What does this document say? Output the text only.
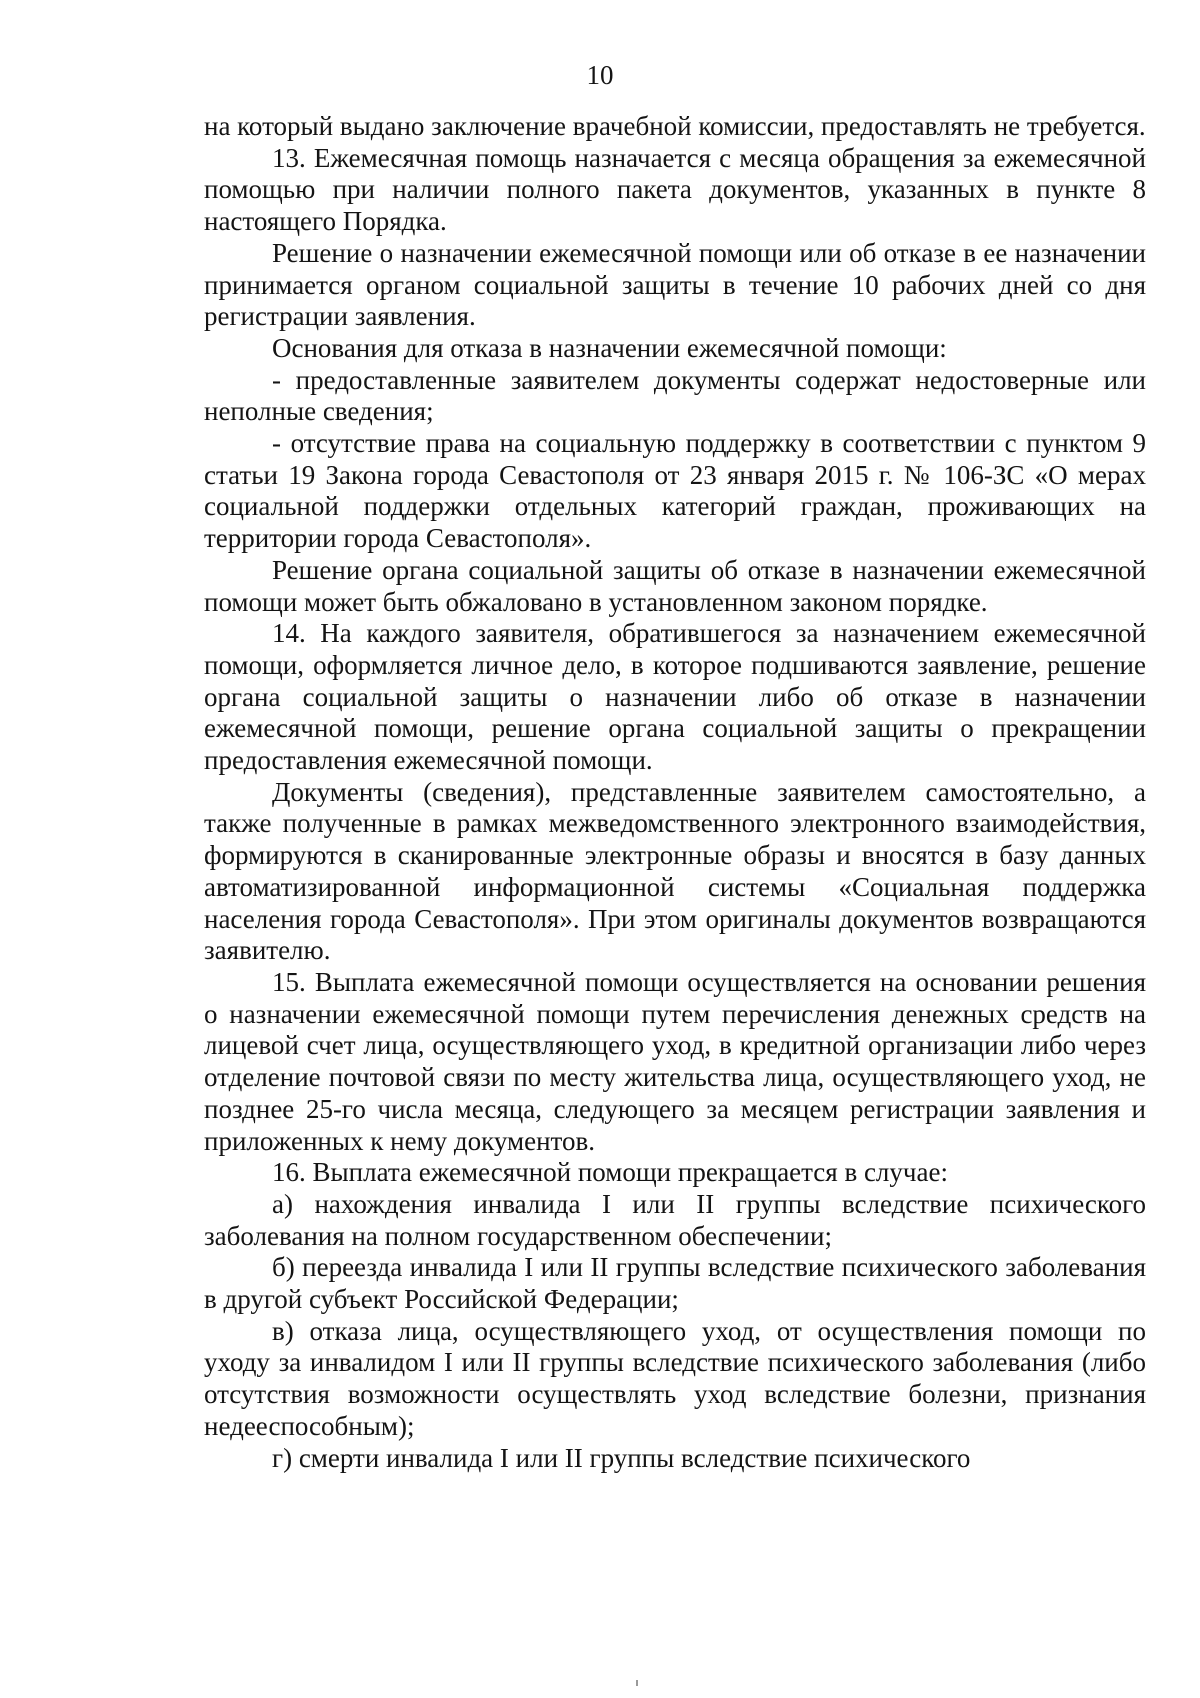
10

на который выдано заключение врачебной комиссии, предоставлять не требуется.

13. Ежемесячная помощь назначается с месяца обращения за ежемесячной помощью при наличии полного пакета документов, указанных в пункте 8 настоящего Порядка.

Решение о назначении ежемесячной помощи или об отказе в ее назначении принимается органом социальной защиты в течение 10 рабочих дней со дня регистрации заявления.

Основания для отказа в назначении ежемесячной помощи:

- предоставленные заявителем документы содержат недостоверные или неполные сведения;

- отсутствие права на социальную поддержку в соответствии с пунктом 9 статьи 19 Закона города Севастополя от 23 января 2015 г. № 106-ЗС «О мерах социальной поддержки отдельных категорий граждан, проживающих на территории города Севастополя».

Решение органа социальной защиты об отказе в назначении ежемесячной помощи может быть обжаловано в установленном законом порядке.

14. На каждого заявителя, обратившегося за назначением ежемесячной помощи, оформляется личное дело, в которое подшиваются заявление, решение органа социальной защиты о назначении либо об отказе в назначении ежемесячной помощи, решение органа социальной защиты о прекращении предоставления ежемесячной помощи.

Документы (сведения), представленные заявителем самостоятельно, а также полученные в рамках межведомственного электронного взаимодействия, формируются в сканированные электронные образы и вносятся в базу данных автоматизированной информационной системы «Социальная поддержка населения города Севастополя». При этом оригиналы документов возвращаются заявителю.

15. Выплата ежемесячной помощи осуществляется на основании решения о назначении ежемесячной помощи путем перечисления денежных средств на лицевой счет лица, осуществляющего уход, в кредитной организации либо через отделение почтовой связи по месту жительства лица, осуществляющего уход, не позднее 25-го числа месяца, следующего за месяцем регистрации заявления и приложенных к нему документов.

16. Выплата ежемесячной помощи прекращается в случае:

а) нахождения инвалида I или II группы вследствие психического заболевания на полном государственном обеспечении;

б) переезда инвалида I или II группы вследствие психического заболевания в другой субъект Российской Федерации;

в) отказа лица, осуществляющего уход, от осуществления помощи по уходу за инвалидом I или II группы вследствие психического заболевания (либо отсутствия возможности осуществлять уход вследствие болезни, признания недееспособным);

г) смерти инвалида I или II группы вследствие психического
